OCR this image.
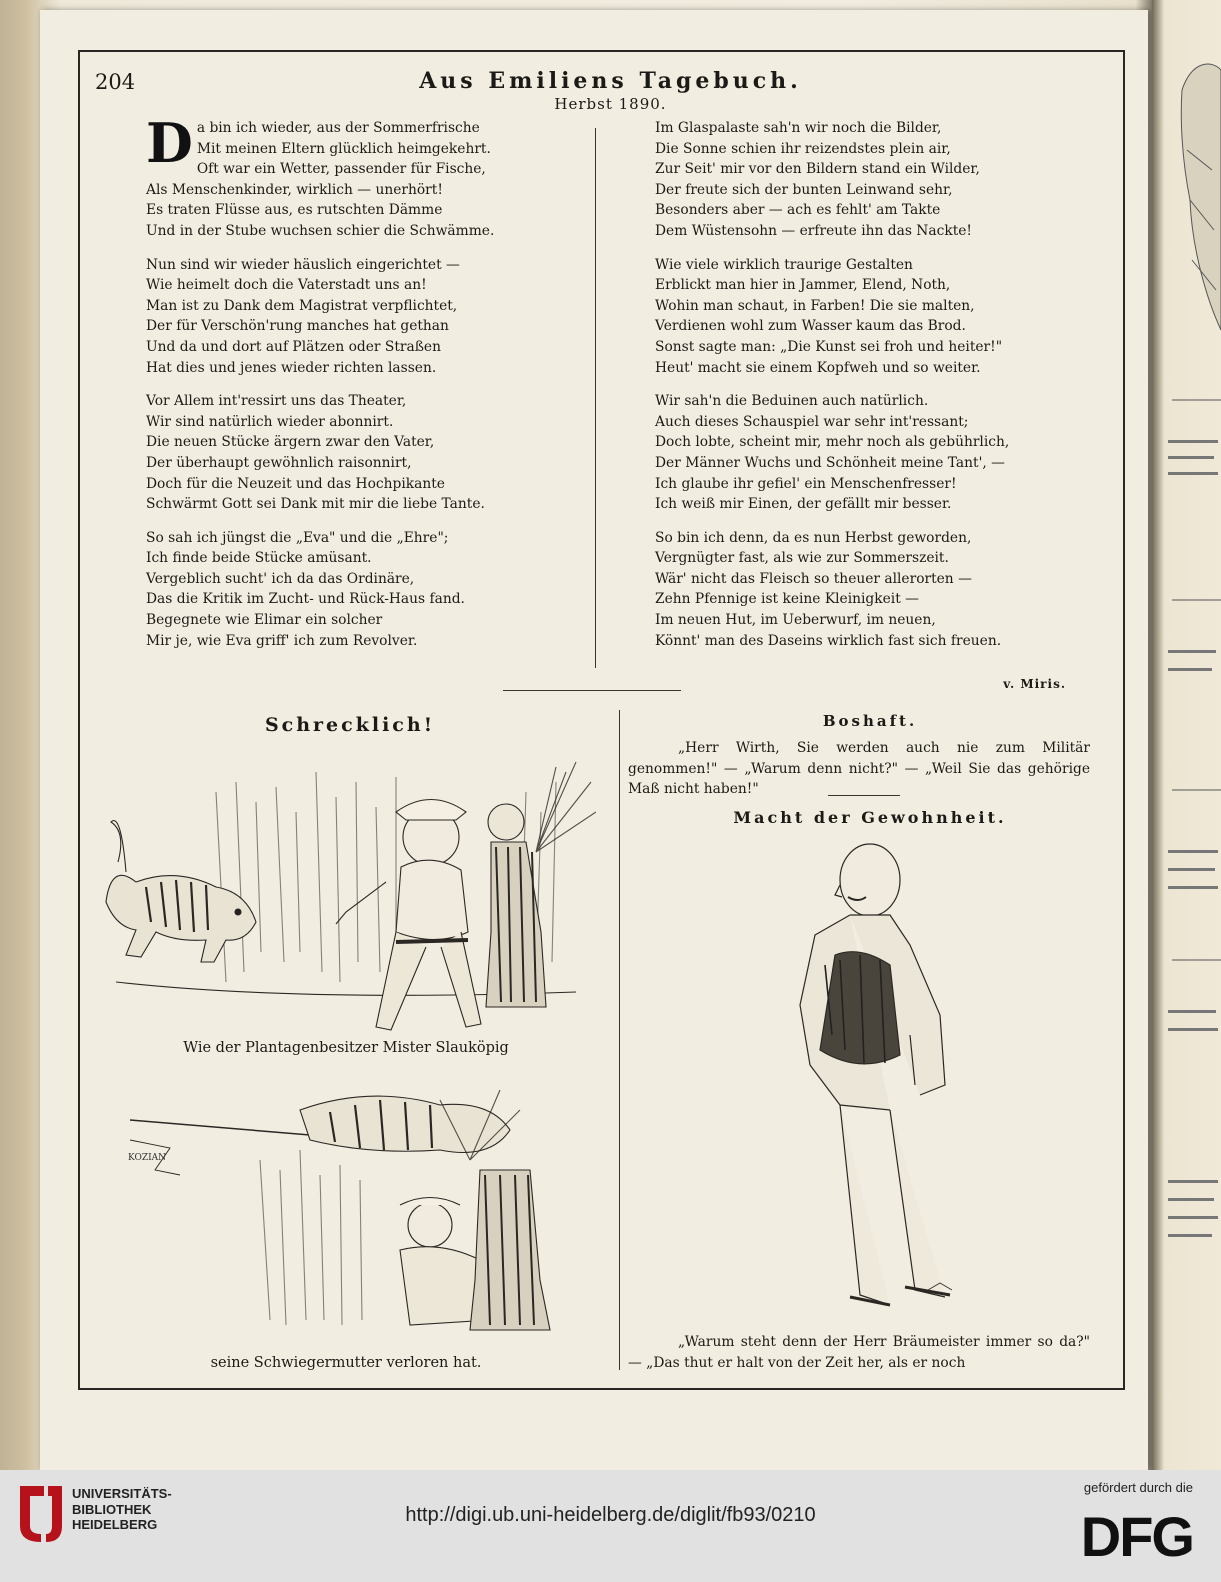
204	Aus Emiliens Tagebuch.
Herbst 1890.
D a bin ich wieder, aus der Sommerfrische
Mit meinen Eltern glücklich heimgekehrt.
Oft war ein Wetter, passender für Fische,
Als Menschenkinder, wirklich — unerhört!
Es traten Flüsse aus, es rutschten Dämme
Und in der Stube wuchsen schier die Schwämme.
Nun sind wir wieder häuslich eingerichtet —
Wie heimelt doch die Vaterstadt uns an!
Man ist zu Dank dem Magistrat verpflichtet,
Der für Verschön'rung manches hat gethan
Und da und dort auf Plätzen oder Straßen
Hat dies und jenes wieder richten lassen.
Vor Allem int'ressirt uns das Theater,
Wir sind natürlich wieder abonnirt.
Die neuen Stücke ärgern zwar den Vater,
Der überhaupt gewöhnlich raisonnirt,
Doch für die Neuzeit und das Hochpikante
Schwärmt Gott sei Dank mit mir die liebe Tante.
So sah ich jüngst die „Eva" und die „Ehre";
Ich finde beide Stücke amüsant.
Vergeblich sucht' ich da das Ordinäre,
Das die Kritik im Zucht- und Rück-Haus fand.
Begegnete wie Elimar ein solcher
Mir je, wie Eva griff' ich zum Revolver.
Im Glaspalaste sah'n wir noch die Bilder,
Die Sonne schien ihr reizendstes plein air,
Zur Seit' mir vor den Bildern stand ein Wilder,
Der freute sich der bunten Leinwand sehr,
Besonders aber — ach es fehlt' am Takte
Dem Wüstensohn — erfreute ihn das Nackte!
Wie viele wirklich traurige Gestalten
Erblickt man hier in Jammer, Elend, Noth,
Wohin man schaut, in Farben! Die sie malten,
Verdienen wohl zum Wasser kaum das Brod.
Sonst sagte man: „Die Kunst sei froh und heiter!"
Heut' macht sie einem Kopfweh und so weiter.
Wir sah'n die Beduinen auch natürlich.
Auch dieses Schauspiel war sehr int'ressant;
Doch lobte, scheint mir, mehr noch als gebührlich,
Der Männer Wuchs und Schönheit meine Tant', —
Ich glaube ihr gefiel' ein Menschenfresser!
Ich weiß mir Einen, der gefällt mir besser.
So bin ich denn, da es nun Herbst geworden,
Vergnügter fast, als wie zur Sommerszeit.
Wär' nicht das Fleisch so theuer allerorten —
Zehn Pfennige ist keine Kleinigkeit —
Im neuen Hut, im Ueberwurf, im neuen,
Könnt' man des Daseins wirklich fast sich freuen.
v. Miris.
Schrecklich!
Wie der Plantagenbesitzer Mister Slauköpig
KOZIAN
seine Schwiegermutter verloren hat.
Boshaft.
„Herr Wirth, Sie werden auch nie zum Militär genommen!" — „Warum denn nicht?" — „Weil Sie das gehörige Maß nicht haben!"
Macht der Gewohnheit.
„Warum steht denn der Herr Bräumeister immer so da?" — „Das thut er halt von der Zeit her, als er noch
UNIVERSITÄTS-
BIBLIOTHEK
HEIDELBERG	http://digi.ub.uni-heidelberg.de/diglit/fb93/0210
gefördert durch die
DFG
